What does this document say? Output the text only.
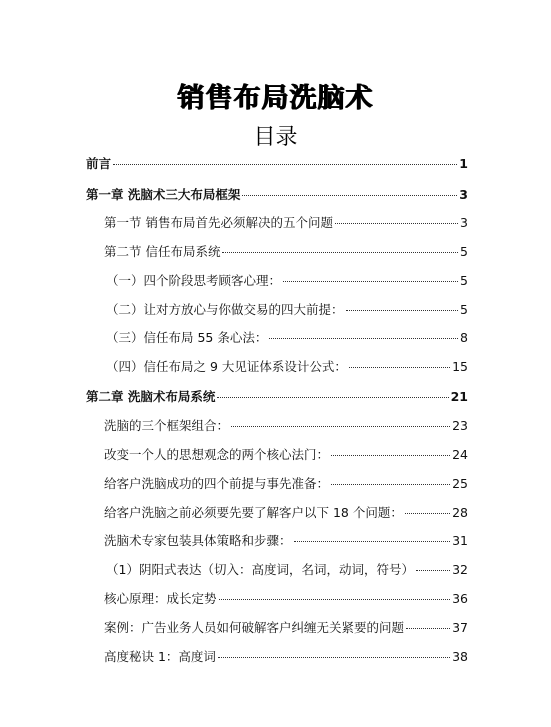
销售布局洗脑术
目录
前言	1
第一章 洗脑术三大布局框架	3
第一节 销售布局首先必须解决的五个问题	3
第二节 信任布局系统	5
（一）四个阶段思考顾客心理：	5
（二）让对方放心与你做交易的四大前提：	5
（三）信任布局 55 条心法：	8
（四）信任布局之 9 大见证体系设计公式：	15
第二章 洗脑术布局系统	21
洗脑的三个框架组合：	23
改变一个人的思想观念的两个核心法门：	24
给客户洗脑成功的四个前提与事先准备：	25
给客户洗脑之前必须要先要了解客户以下 18 个问题：	28
洗脑术专家包装具体策略和步骤：	31
（1）阴阳式表达（切入：高度词，名词，动词，符号）	32
核心原理：成长定势	36
案例：广告业务人员如何破解客户纠缠无关紧要的问题	37
高度秘诀 1：高度词	38
